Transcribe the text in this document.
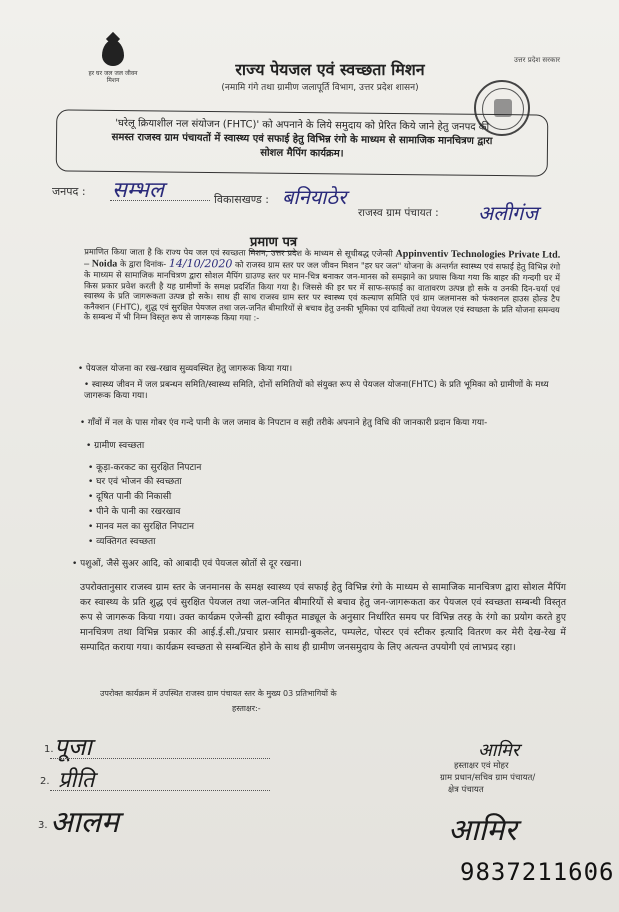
हर घर जल जल जीवन मिशन
राज्य पेयजल एवं स्वच्छता मिशन
(नमामि गंगे तथा ग्रामीण जलापूर्ति विभाग, उत्तर प्रदेश शासन)
उत्तर प्रदेश सरकार
'घरेलू क्रियाशील नल संयोजन (FHTC)' को अपनाने के लिये समुदाय को प्रेरित किये जाने हेतु जनपद की
समस्त राजस्व ग्राम पंचायतों में स्वास्थ्य एवं सफाई हेतु विभिन्न रंगो के माध्यम से सामाजिक मानचित्रण द्वारा
सोशल मैपिंग कार्यक्रम।
जनपद : सम्भल	विकासखण्ड : बनियाठेर
राजस्व ग्राम पंचायत : अलीगंज
प्रमाण पत्र
प्रमाणित किया जाता है कि राज्य पेय जल एवं स्वच्छता मिशन, उत्तर प्रदेश के माध्यम से सूचीबद्ध एजेन्सी Appinventiv Technologies Private Ltd. – Noida के द्वारा दिनांक- 14/10/2020 को राजस्व ग्राम स्तर पर जल जीवन मिशन "हर घर जल" योजना के अन्तर्गत स्वास्थ्य एवं सफाई हेतु विभिन्न रंगो के माध्यम से सामाजिक मानचित्रण द्वारा सोशल मैपिंग ग्राउण्ड स्तर पर मान-चित्र बनाकर जन-मानस को समझाने का प्रयास किया गया कि बाहर की गन्दगी घर में किस प्रकार प्रवेश करती है यह ग्रामीणों के समक्ष प्रदर्शित किया गया है। जिससे की हर घर में साफ-सफाई का वातावरण उत्पन्न हो सके व उनकी दिन-चर्या एवं स्वास्थ्य के प्रति जागरूकता उत्पन्न हो सके। साथ ही साथ राजस्व ग्राम स्तर पर स्वास्थ्य एवं कल्याण समिति एवं ग्राम जलमानस को फंक्शनल हाउस होल्ड टैप कनैक्शन (FHTC), शुद्ध एवं सुरक्षित पेयजल तथा जल-जनित बीमारियों से बचाव हेतु उनकी भूमिका एवं दायित्वों तथा पेयजल एवं स्वच्छता के प्रति योजना समन्वय के सम्बन्ध में भी निम्न विस्तृत रूप से जागरूक किया गया :-
• पेयजल योजना का रख-रखाव सुव्यवस्थित हेतु जागरूक किया गया।
• स्वास्थ्य जीवन में जल प्रबन्धन समिति/स्वास्थ्य समिति, दोनों समितियों को संयुक्त रूप से पेयजल योजना(FHTC) के प्रति भूमिका को ग्रामीणों के मध्य जागरूक किया गया।
• गाँवों में नल के पास गोबर एंव गन्दे पानी के जल जमाव के निपटान व सही तरीके अपनाने हेतु विधि की जानकारी प्रदान किया गया-
• ग्रामीण स्वच्छता
• कूड़ा-करकट का सुरक्षित निपटान
• घर एवं भोजन की स्वच्छता
• दूषित पानी की निकासी
• पीने के पानी का रखरखाव
• मानव मल का सुरक्षित निपटान
• व्यक्तिगत स्वच्छता
• पशुओं, जैसे सुअर आदि, को आबादी एवं पेयजल स्रोतों से दूर रखना।
उपरोक्तानुसार राजस्व ग्राम स्तर के जनमानस के समक्ष स्वास्थ्य एवं सफाई हेतु विभिन्न रंगो के माध्यम से सामाजिक मानचित्रण द्वारा सोशल मैपिंग कर स्वास्थ्य के प्रति शुद्ध एवं सुरक्षित पेयजल तथा जल-जनित बीमारियों से बचाव हेतु जन-जागरूकता कर पेयजल एवं स्वच्छता सम्बन्धी विस्तृत रूप से जागरूक किया गया। उक्त कार्यक्रम एजेन्सी द्वारा स्वीकृत माड्यूल के अनुसार निर्धारित समय पर विभिन्न तरह के रंगो का प्रयोग करते हुए मानचित्रण तथा विभिन्न प्रकार की आई.ई.सी./प्रचार प्रसार सामग्री-बुकलेट, पम्पलेट, पोस्टर एवं स्टीकर इत्यादि वितरण कर मेरी देख-रेख में सम्पादित कराया गया। कार्यक्रम स्वच्छता से सम्बन्धित होने के साथ ही ग्रामीण जनसमुदाय के लिए अत्यन्त उपयोगी एवं लाभप्रद रहा।
उपरोक्त कार्यक्रम में उपस्थित राजस्व ग्राम पंचायत स्तर के मुख्य 03 प्रतिभागियों के
हस्ताक्षर:-
1. पूजा
2. प्रीति
3. आलम
आमिर
हस्ताक्षर एवं मोहर
ग्राम प्रधान/सचिव ग्राम पंचायत/
क्षेत्र पंचायत
आमिर
9837211606
